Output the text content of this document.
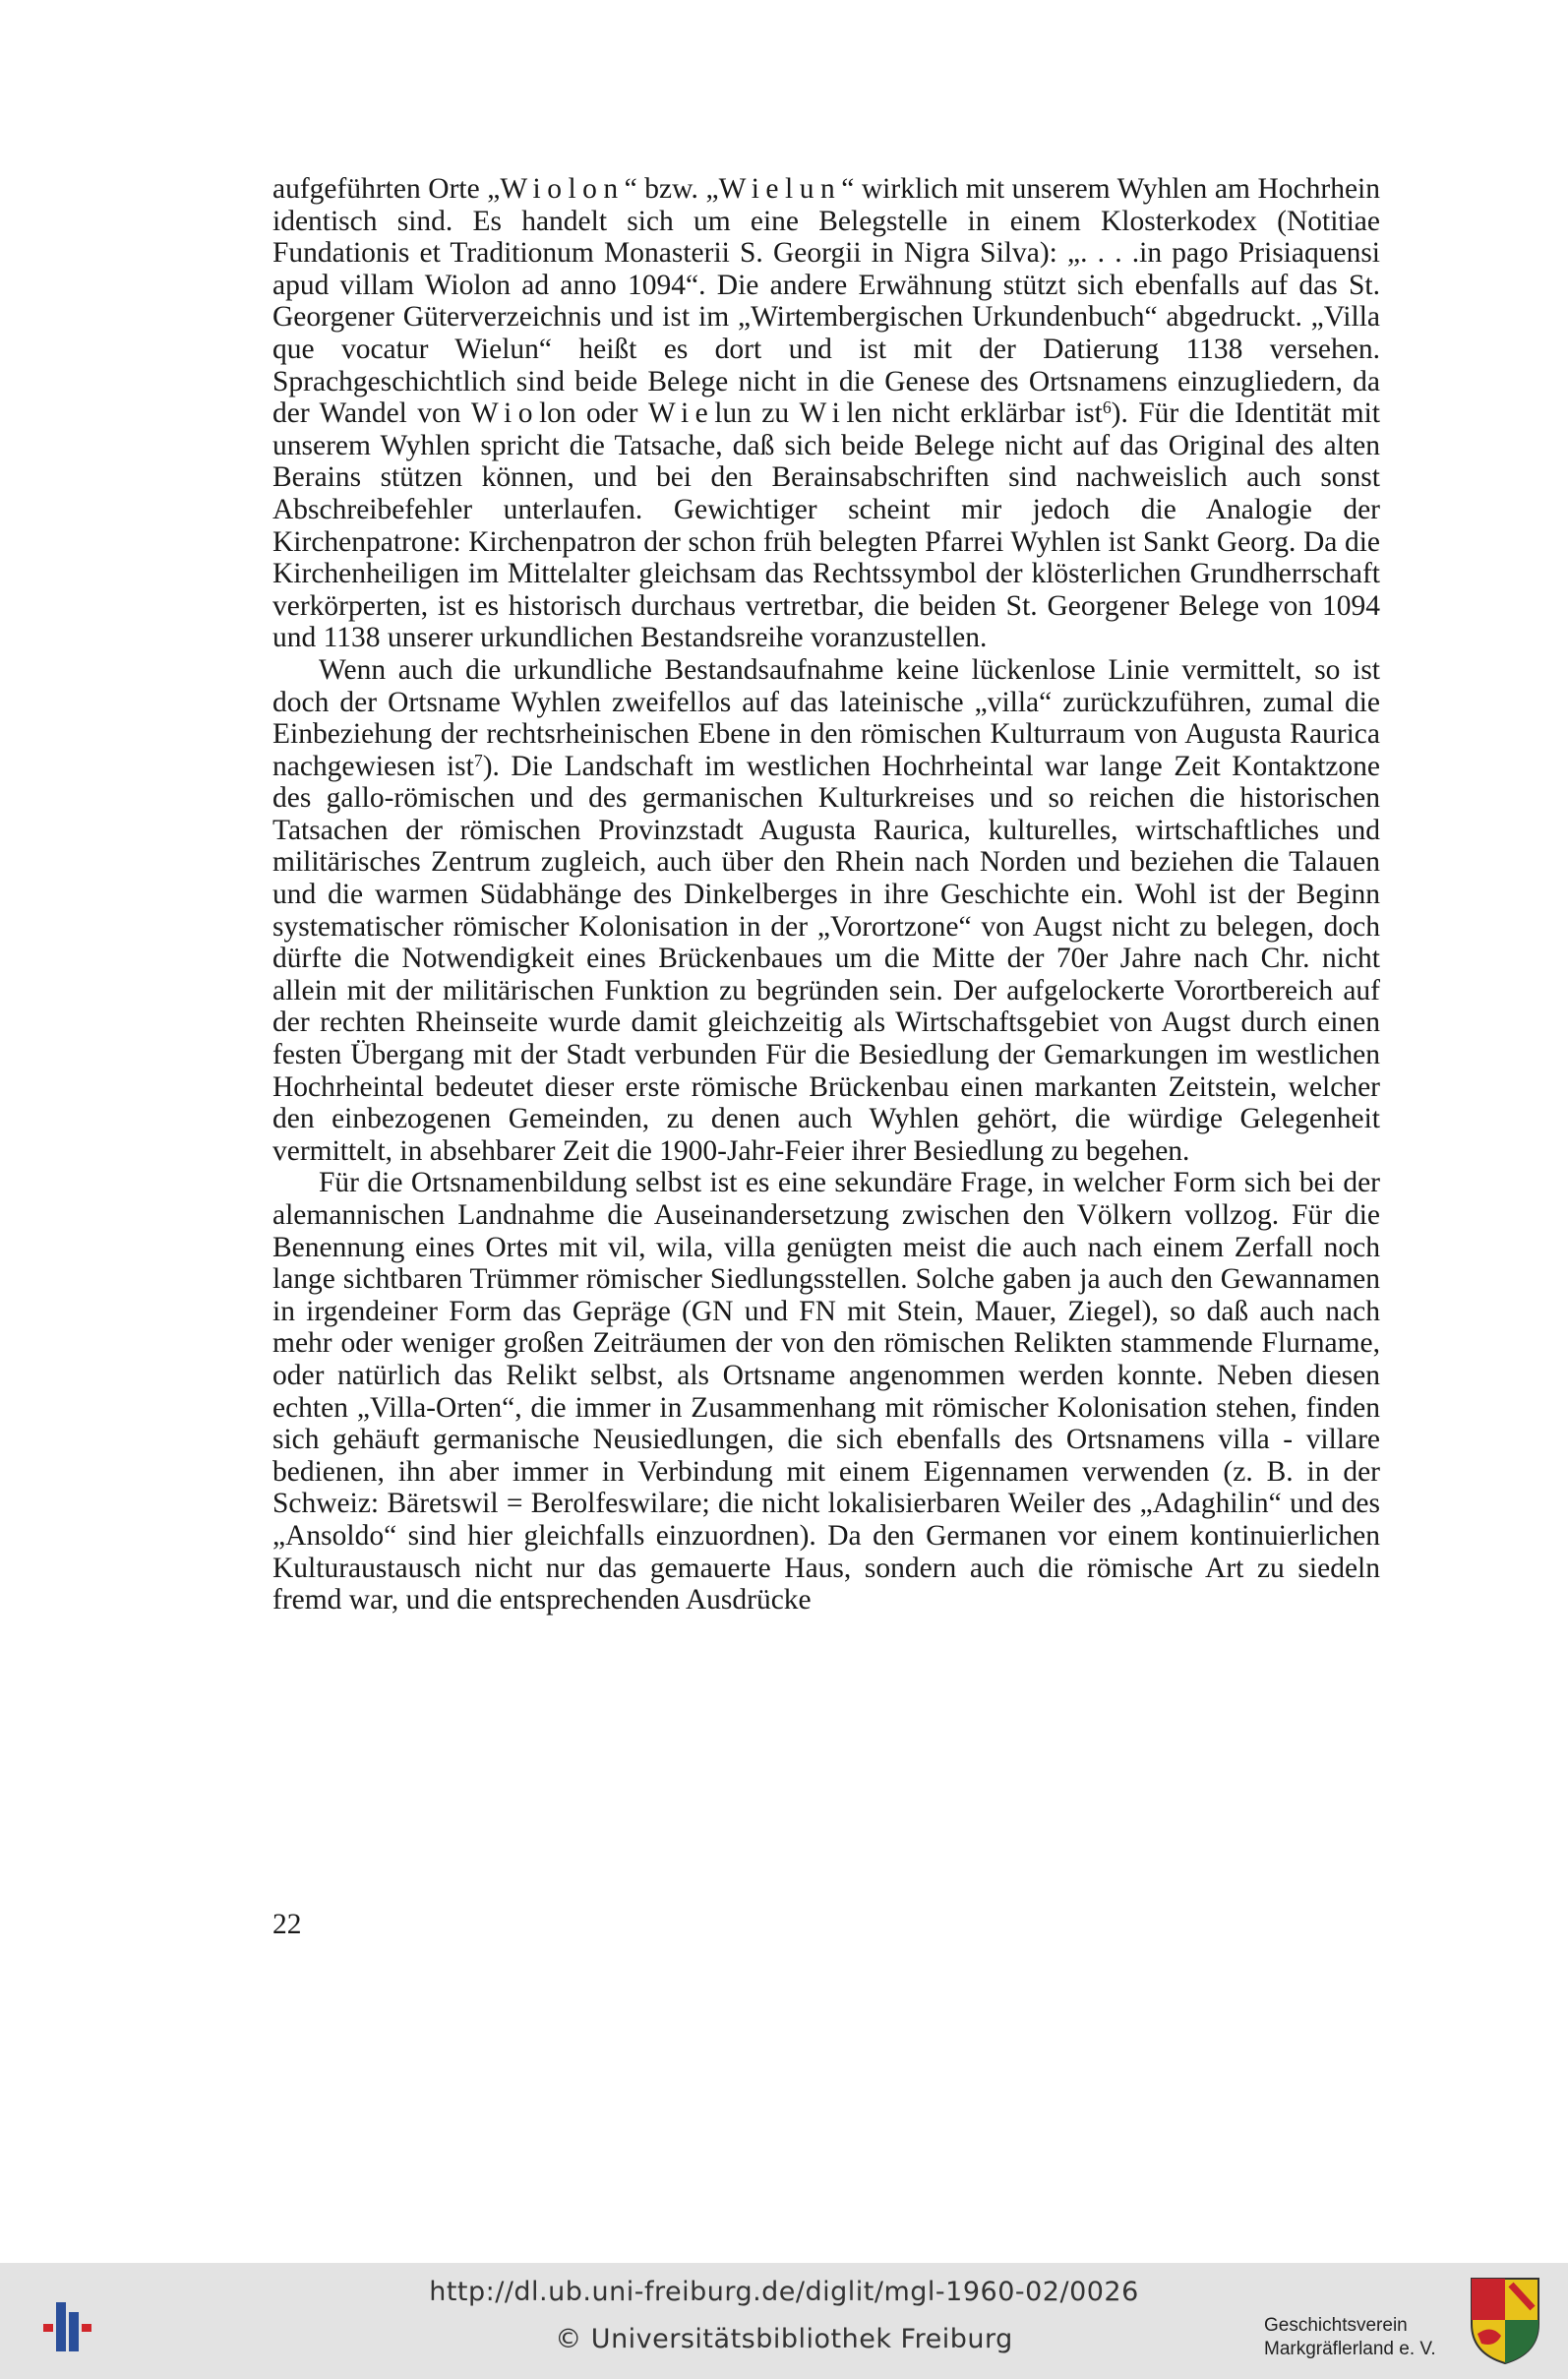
aufgeführten Orte „Wiolon“ bzw. „Wielun“ wirklich mit unserem Wyhlen am Hochrhein identisch sind. Es handelt sich um eine Belegstelle in einem Klosterkodex (Notitiae Fundationis et Traditionum Monasterii S. Georgii in Nigra Silva): „. . . .in pago Prisiaquensi apud villam Wiolon ad anno 1094“. Die andere Erwähnung stützt sich ebenfalls auf das St. Georgener Güterverzeichnis und ist im „Wirtembergischen Urkundenbuch“ abgedruckt. „Villa que vocatur Wielun“ heißt es dort und ist mit der Datierung 1138 versehen. Sprachgeschichtlich sind beide Belege nicht in die Genese des Ortsnamens einzugliedern, da der Wandel von Wiolon oder Wielun zu Wilen nicht erklärbar ist$^6$). Für die Identität mit unserem Wyhlen spricht die Tatsache, daß sich beide Belege nicht auf das Original des alten Berains stützen können, und bei den Berainsabschriften sind nachweislich auch sonst Abschreibefehler unterlaufen. Gewichtiger scheint mir jedoch die Analogie der Kirchenpatrone: Kirchenpatron der schon früh belegten Pfarrei Wyhlen ist Sankt Georg. Da die Kirchenheiligen im Mittelalter gleichsam das Rechtssymbol der klösterlichen Grundherrschaft verkörperten, ist es historisch durchaus vertretbar, die beiden St. Georgener Belege von 1094 und 1138 unserer urkundlichen Bestandsreihe voranzustellen.

Wenn auch die urkundliche Bestandsaufnahme keine lückenlose Linie vermittelt, so ist doch der Ortsname Wyhlen zweifellos auf das lateinische „villa“ zurückzuführen, zumal die Einbeziehung der rechtsrheinischen Ebene in den römischen Kulturraum von Augusta Raurica nachgewiesen ist$^7$). Die Landschaft im westlichen Hochrheintal war lange Zeit Kontaktzone des gallo-römischen und des germanischen Kulturkreises und so reichen die historischen Tatsachen der römischen Provinzstadt Augusta Raurica, kulturelles, wirtschaftliches und militärisches Zentrum zugleich, auch über den Rhein nach Norden und beziehen die Talauen und die warmen Südabhänge des Dinkelberges in ihre Geschichte ein. Wohl ist der Beginn systematischer römischer Kolonisation in der „Vorortzone“ von Augst nicht zu belegen, doch dürfte die Notwendigkeit eines Brückenbaues um die Mitte der 70er Jahre nach Chr. nicht allein mit der militärischen Funktion zu begründen sein. Der aufgelockerte Vorortbereich auf der rechten Rheinseite wurde damit gleichzeitig als Wirtschaftsgebiet von Augst durch einen festen Übergang mit der Stadt verbunden Für die Besiedlung der Gemarkungen im westlichen Hochrheintal bedeutet dieser erste römische Brückenbau einen markanten Zeitstein, welcher den einbezogenen Gemeinden, zu denen auch Wyhlen gehört, die würdige Gelegenheit vermittelt, in absehbarer Zeit die 1900-Jahr-Feier ihrer Besiedlung zu begehen.

Für die Ortsnamenbildung selbst ist es eine sekundäre Frage, in welcher Form sich bei der alemannischen Landnahme die Auseinandersetzung zwischen den Völkern vollzog. Für die Benennung eines Ortes mit vil, wila, villa genügten meist die auch nach einem Zerfall noch lange sichtbaren Trümmer römischer Siedlungsstellen. Solche gaben ja auch den Gewannamen in irgendeiner Form das Gepräge (GN und FN mit Stein, Mauer, Ziegel), so daß auch nach mehr oder weniger großen Zeiträumen der von den römischen Relikten stammende Flurname, oder natürlich das Relikt selbst, als Ortsname angenommen werden konnte. Neben diesen echten „Villa-Orten“, die immer in Zusammenhang mit römischer Kolonisation stehen, finden sich gehäuft germanische Neusiedlungen, die sich ebenfalls des Ortsnamens villa - villare bedienen, ihn aber immer in Verbindung mit einem Eigennamen verwenden (z. B. in der Schweiz: Bäretswil = Berolfeswilare; die nicht lokalisierbaren Weiler des „Adaghilin“ und des „Ansoldo“ sind hier gleichfalls einzuordnen). Da den Germanen vor einem kontinuierlichen Kulturaustausch nicht nur das gemauerte Haus, sondern auch die römische Art zu siedeln fremd war, und die entsprechenden Ausdrücke

22
http://dl.ub.uni-freiburg.de/diglit/mgl-1960-02/0026
© Universitätsbibliothek Freiburg	Geschichtsverein
Markgräflerland e. V.
